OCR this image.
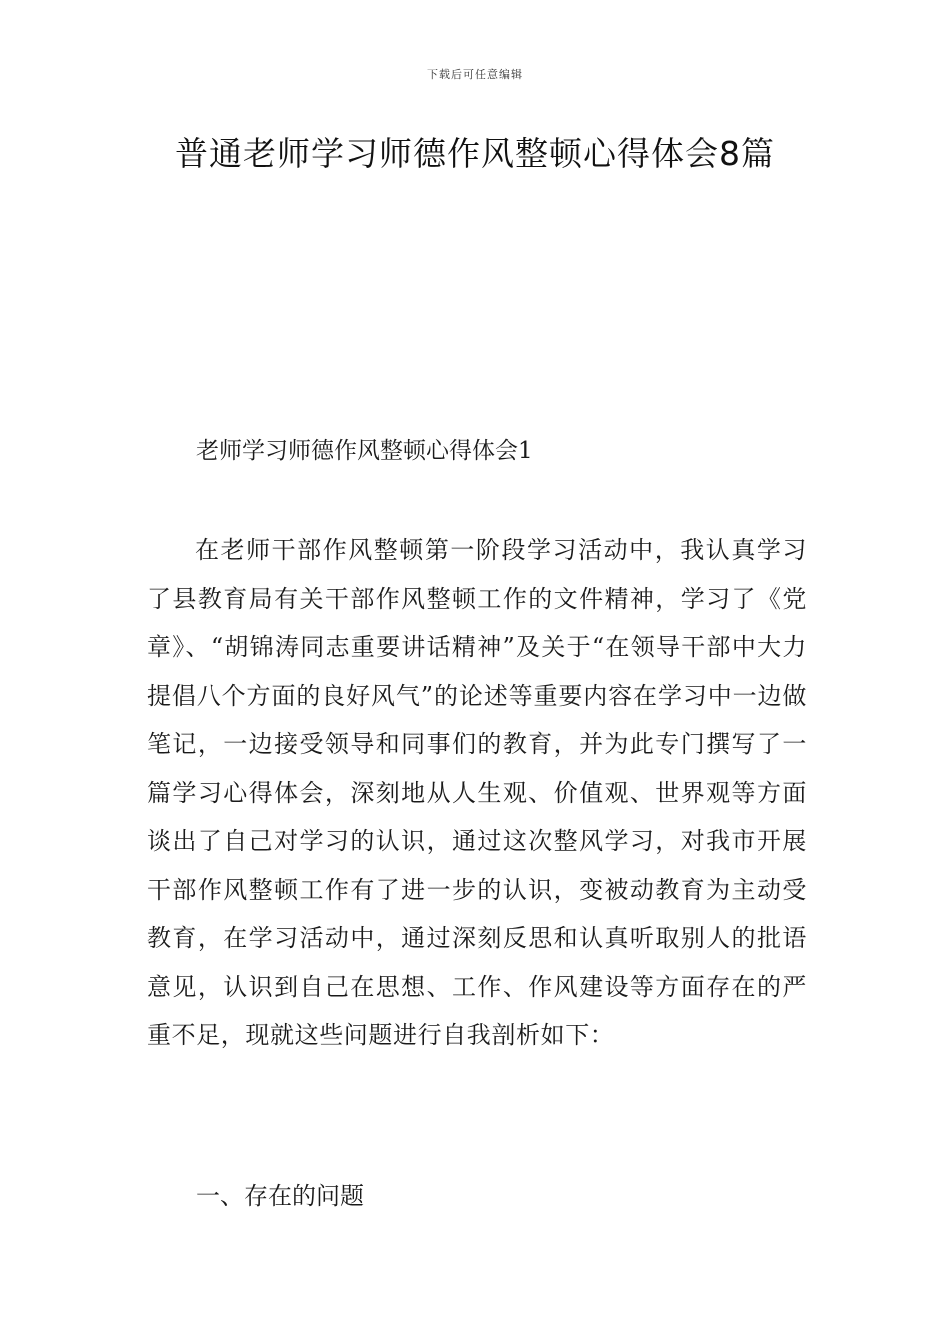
下载后可任意编辑
普通老师学习师德作风整顿心得体会8篇
老师学习师德作风整顿心得体会1

在老师干部作风整顿第一阶段学习活动中，我认真学习了县教育局有关干部作风整顿工作的文件精神，学习了《党章》、“胡锦涛同志重要讲话精神”及关于“在领导干部中大力提倡八个方面的良好风气”的论述等重要内容在学习中一边做笔记，一边接受领导和同事们的教育，并为此专门撰写了一篇学习心得体会，深刻地从人生观、价值观、世界观等方面谈出了自己对学习的认识，通过这次整风学习，对我市开展干部作风整顿工作有了进一步的认识，变被动教育为主动受教育，在学习活动中，通过深刻反思和认真听取别人的批语意见，认识到自己在思想、工作、作风建设等方面存在的严重不足，现就这些问题进行自我剖析如下：

一、存在的问题
